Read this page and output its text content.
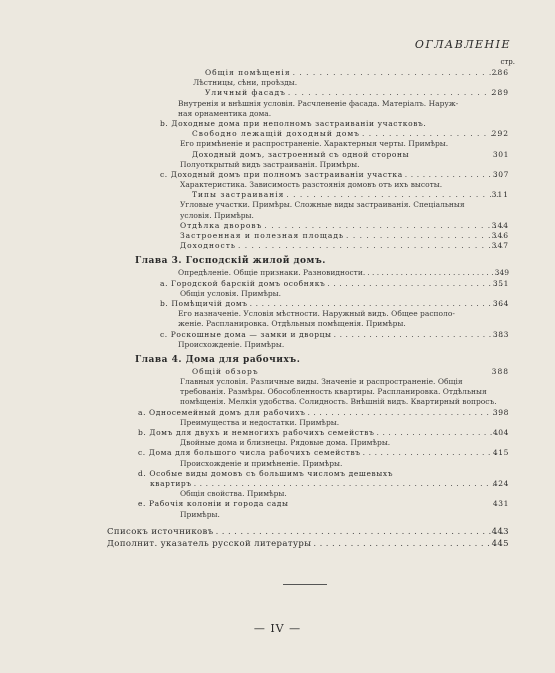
ОГЛАВЛЕНІЕ
стр.
Общія помѣщенія . . .	286
Лѣстницы, сѣни, проѣзды.
Уличный фасадъ . . .	289
Внутренія и внѣшнія условія. Расчлененіе фасада. Матеріалъ. Наруж-
ная орнаментика дома.
b. Доходные дома при неполномъ застраиваніи участковъ.
Свободно лежащій доходный домъ . . .	292
Его примѣненіе и распространеніе. Характерныя черты. Примѣры.
Доходный домъ, застроенный съ одной стороны	301
Полуоткрытый видъ застраиванія. Примѣры.
c. Доходный домъ при полномъ застраиваніи участка . . .	307
Характеристика. Зависимость разстоянія домовъ отъ ихъ высоты.
Типы застраиванія . . .	311
Угловые участки. Примѣры. Сложные виды застраиванія. Спеціальныя
условія. Примѣры.
Отдѣлка дворовъ . . .	344
Застроенная и полезная площадь . . .	346
Доходность . . .	347
Глава 3. Господскій жилой домъ.
Опредѣленіе. Общіе признаки. Разновидности. . . .	349
a. Городской барскій домъ особнякъ . . .	351
Общія условія. Примѣры.
b. Помѣщичій домъ . . .	364
Его назначеніе. Условія мѣстности. Наружный видъ. Общее располо-
женіе. Распланировка. Отдѣльныя помѣщенія. Примѣры.
c. Роскошные дома — замки и дворцы . . .	383
Происхожденіе. Примѣры.
Глава 4. Дома для рабочихъ.
Общій обзоръ	388
Главныя условія. Различные виды. Значеніе и распространеніе. Общія
требованія. Размѣры. Обособленность квартиры. Распланировка. Отдѣльныя
помѣщенія. Мелкія удобства. Солидность. Внѣшній видъ. Квартирный вопросъ.
a. Односемейный домъ для рабочихъ . . .	398
Преимущества и недостатки. Примѣры.
b. Домъ для двухъ и немногихъ рабочихъ семействъ . . .	404
Двойные дома и близнецы. Рядовые дома. Примѣры.
c. Дома для большого числа рабочихъ семействъ . . .	415
Происхожденіе и примѣненіе. Примѣры.
d. Особые виды домовъ съ большимъ числомъ дешевыхъ
квартиръ . . .	424
Общія свойства. Примѣры.
e. Рабочія колоніи и города сады	431
Примѣры.
Списокъ источниковъ . . .	443
Дополнит. указатель русской литературы . . .	445
— IV —
